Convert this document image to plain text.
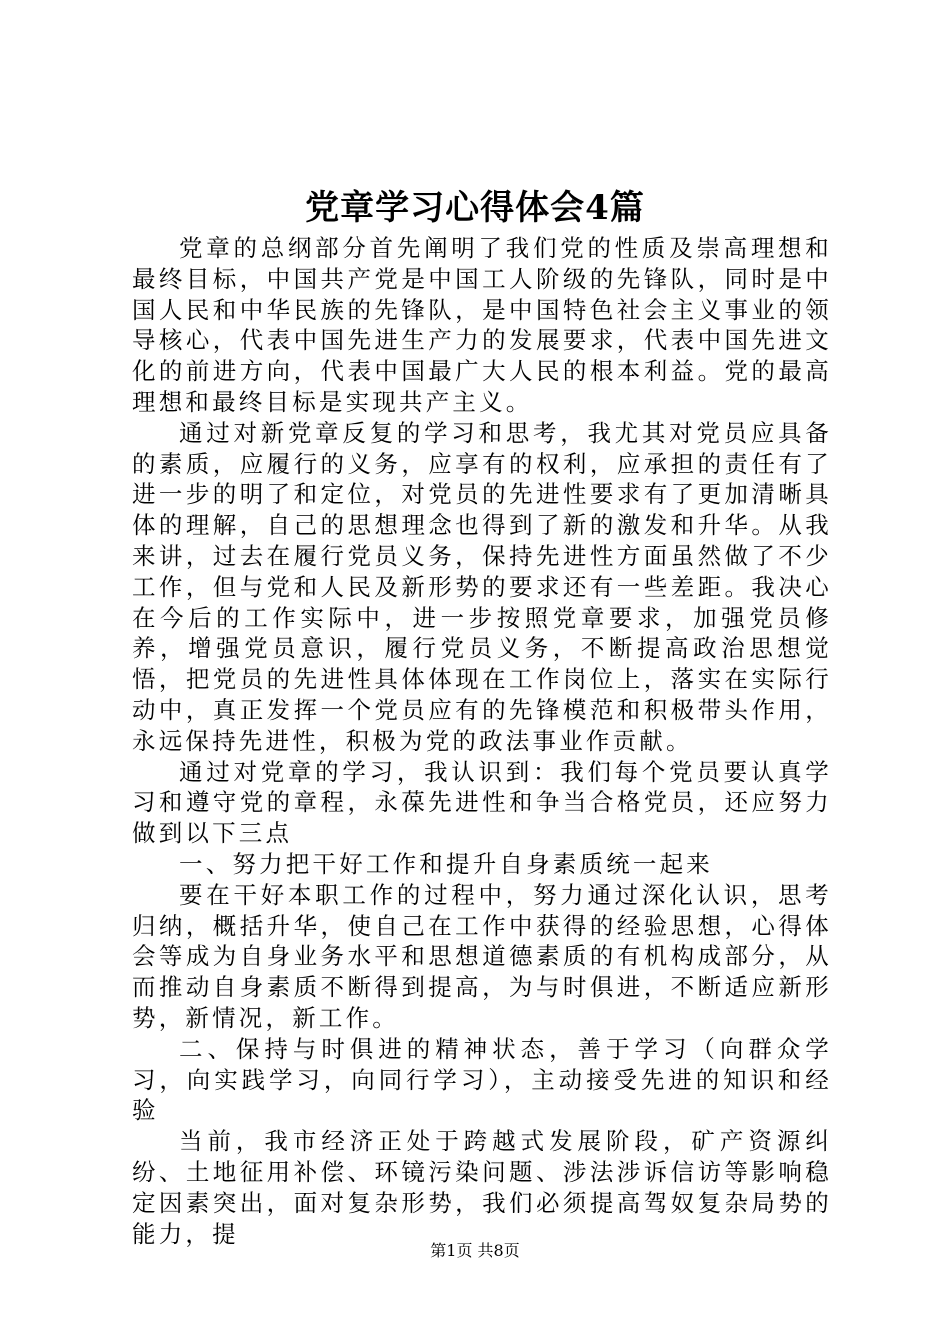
党章学习心得体会4篇

党章的总纲部分首先阐明了我们党的性质及崇高理想和最终目标，中国共产党是中国工人阶级的先锋队，同时是中国人民和中华民族的先锋队，是中国特色社会主义事业的领导核心，代表中国先进生产力的发展要求，代表中国先进文化的前进方向，代表中国最广大人民的根本利益。党的最高理想和最终目标是实现共产主义。

通过对新党章反复的学习和思考，我尤其对党员应具备的素质，应履行的义务，应享有的权利，应承担的责任有了进一步的明了和定位，对党员的先进性要求有了更加清晰具体的理解，自己的思想理念也得到了新的激发和升华。从我来讲，过去在履行党员义务，保持先进性方面虽然做了不少工作，但与党和人民及新形势的要求还有一些差距。我决心在今后的工作实际中，进一步按照党章要求，加强党员修养，增强党员意识，履行党员义务，不断提高政治思想觉悟，把党员的先进性具体体现在工作岗位上，落实在实际行动中，真正发挥一个党员应有的先锋模范和积极带头作用，永远保持先进性，积极为党的政法事业作贡献。

通过对党章的学习，我认识到：我们每个党员要认真学习和遵守党的章程，永葆先进性和争当合格党员，还应努力做到以下三点

一、努力把干好工作和提升自身素质统一起来

要在干好本职工作的过程中，努力通过深化认识，思考归纳，概括升华，使自己在工作中获得的经验思想，心得体会等成为自身业务水平和思想道德素质的有机构成部分，从而推动自身素质不断得到提高，为与时俱进，不断适应新形势，新情况，新工作。

二、保持与时俱进的精神状态，善于学习（向群众学习，向实践学习，向同行学习），主动接受先进的知识和经验

当前，我市经济正处于跨越式发展阶段，矿产资源纠纷、土地征用补偿、环镜污染问题、涉法涉诉信访等影响稳定因素突出，面对复杂形势，我们必须提高驾奴复杂局势的能力，提

第1页 共8页
